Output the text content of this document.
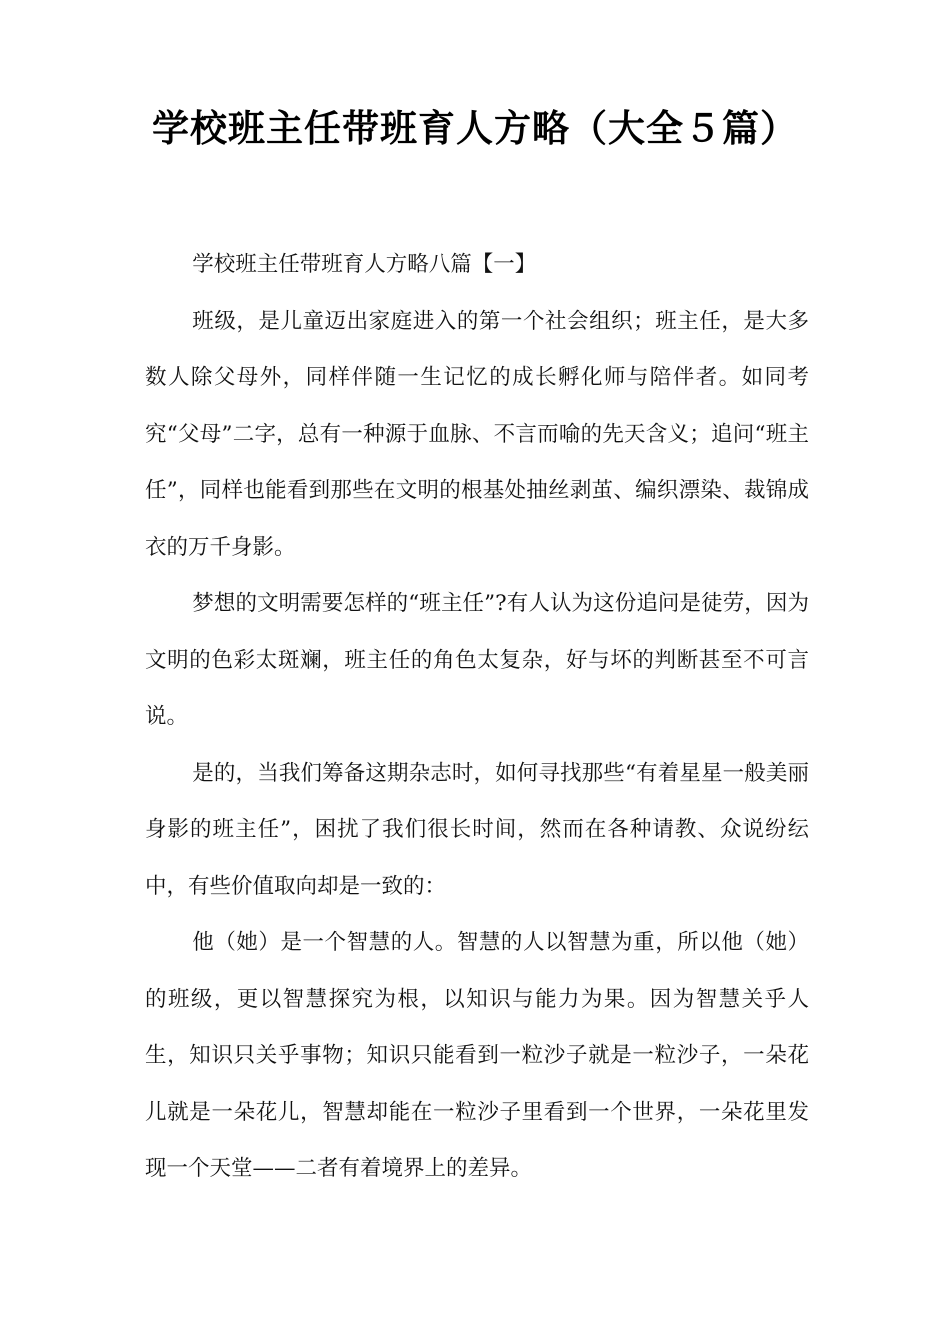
学校班主任带班育人方略（大全５篇）

学校班主任带班育人方略八篇【一】

班级，是儿童迈出家庭进入的第一个社会组织；班主任，是大多数人除父母外，同样伴随一生记忆的成长孵化师与陪伴者。如同考究“父母”二字，总有一种源于血脉、不言而喻的先天含义；追问“班主任”，同样也能看到那些在文明的根基处抽丝剥茧、编织漂染、裁锦成衣的万千身影。

梦想的文明需要怎样的“班主任”?有人认为这份追问是徒劳，因为文明的色彩太斑斓，班主任的角色太复杂，好与坏的判断甚至不可言说。

是的，当我们筹备这期杂志时，如何寻找那些“有着星星一般美丽身影的班主任”，困扰了我们很长时间，然而在各种请教、众说纷纭中，有些价值取向却是一致的：

他（她）是一个智慧的人。智慧的人以智慧为重，所以他（她）的班级，更以智慧探究为根，以知识与能力为果。因为智慧关乎人生，知识只关乎事物；知识只能看到一粒沙子就是一粒沙子，一朵花儿就是一朵花儿，智慧却能在一粒沙子里看到一个世界，一朵花里发现一个天堂——二者有着境界上的差异。
